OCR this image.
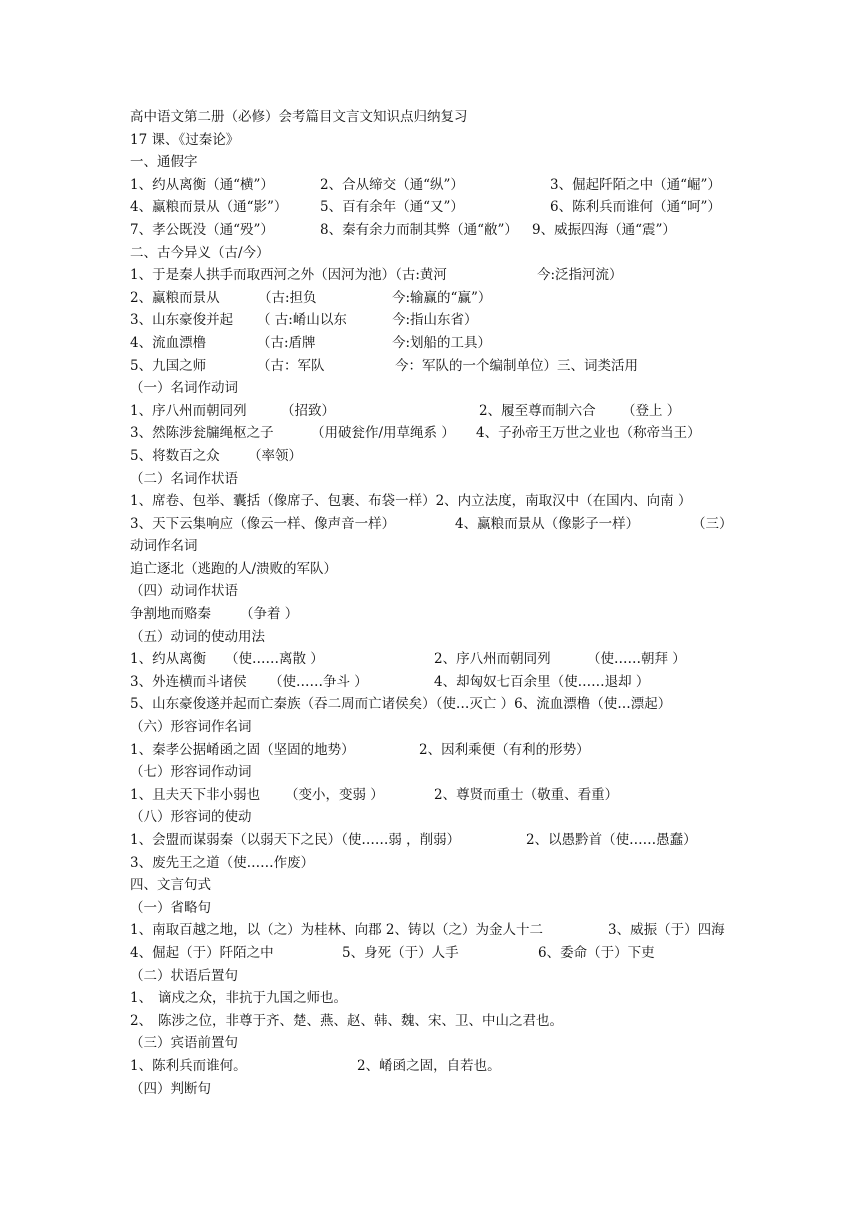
高中语文第二册（必修）会考篇目文言文知识点归纳复习
17 课、《过秦论》
一、通假字
1、约从离衡（通“横”）	2、合从缔交（通“纵”）	3、倔起阡陌之中（通“崛”）
4、赢粮而景从（通“影”） 5、百有余年（通“又”）	6、陈利兵而谁何（通“呵”）
7、孝公既没（通“殁”）	8、秦有余力而制其弊（通“敝”） 9、威振四海（通“震”）
二、古今异义（古/今）
1、于是秦人拱手而取西河之外（因河为池）（古:黄河	今:泛指河流）
2、赢粮而景从	（古:担负	今:输赢的“赢”）
3、山东豪俊并起 （ 古:崤山以东	今:指山东省）
4、流血漂橹	（古:盾牌	今:划船的工具）
5、九国之师	（古：军队	今：军队的一个编制单位）三、词类活用
（一）名词作动词
1、序八州而朝同列	（招致）	2、履至尊而制六合 （登上 ）
3、然陈涉瓮牖绳枢之子	（用破瓮作/用草绳系 ） 4、子孙帝王万世之业也（称帝当王）
5、将数百之众 （率领）
（二）名词作状语
1、席卷、包举、囊括（像席子、包裹、布袋一样）2、内立法度，南取汉中（在国内、向南 ）
3、天下云集响应（像云一样、像声音一样）	4、赢粮而景从（像影子一样）	（三）
动词作名词
追亡逐北（逃跑的人/溃败的军队）
（四）动词作状语
争割地而赂秦 （争着 ）
（五）动词的使动用法
1、约从离衡 （使……离散 ）	2、序八州而朝同列	（使……朝拜 ）
3、外连横而斗诸侯 （使……争斗 ）	4、却匈奴七百余里（使……退却 ）
5、山东豪俊遂并起而亡秦族（吞二周而亡诸侯矣）（使…灭亡 ）6、流血漂橹（使…漂起）
（六）形容词作名词
1、秦孝公据崤函之固（坚固的地势）	2、因利乘便（有利的形势）
（七）形容词作动词
1、且夫天下非小弱也 （变小，变弱 ）	2、尊贤而重士（敬重、看重）
（八）形容词的使动
1、会盟而谋弱秦（以弱天下之民）（使……弱 ，削弱）	2、以愚黔首（使……愚蠢）
3、废先王之道（使……作废）
四、文言句式
（一）省略句
1、南取百越之地，以（之）为桂林、向郡 2、铸以（之）为金人十二	3、威振（于）四海
4、倔起（于）阡陌之中	5、身死（于）人手	6、委命（于）下吏
（二）状语后置句
1、 谪戍之众，非抗于九国之师也。
2、 陈涉之位，非尊于齐、楚、燕、赵、韩、魏、宋、卫、中山之君也。
（三）宾语前置句
1、陈利兵而谁何。	2、崤函之固，自若也。
（四）判断句
